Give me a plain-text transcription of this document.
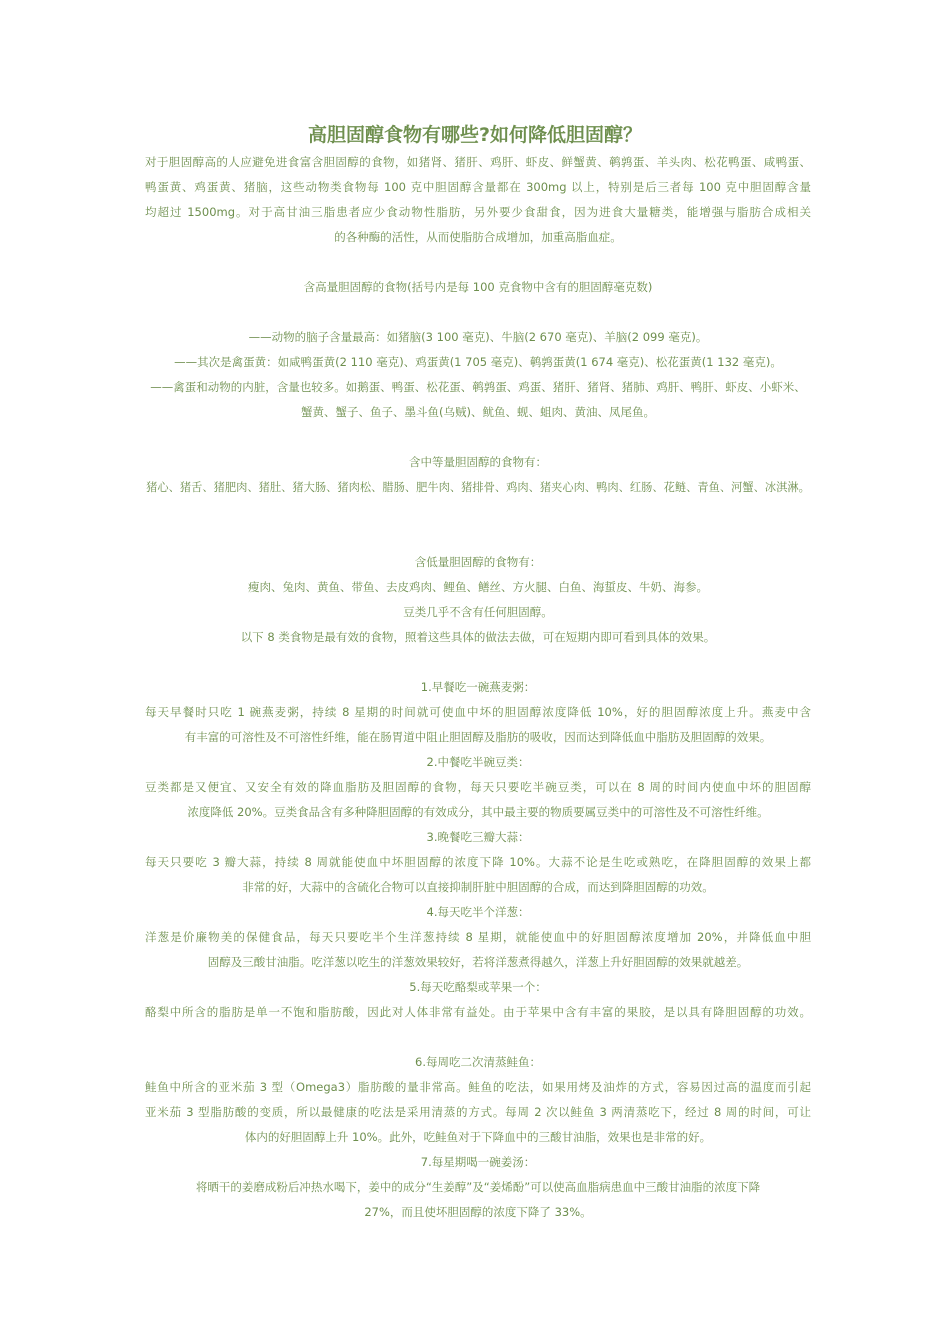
高胆固醇食物有哪些?如何降低胆固醇？
对于胆固醇高的人应避免进食富含胆固醇的食物，如猪肾、猪肝、鸡肝、虾皮、鲜蟹黄、鹌鹑蛋、羊头肉、松花鸭蛋、咸鸭蛋、
鸭蛋黄、鸡蛋黄、猪脑，这些动物类食物每 100 克中胆固醇含量都在 300mg 以上，特别是后三者每 100 克中胆固醇含量
均超过 1500mg。对于高甘油三脂患者应少食动物性脂肪，另外要少食甜食，因为进食大量糖类，能增强与脂肪合成相关
的各种酶的活性，从而使脂肪合成增加，加重高脂血症。
含高量胆固醇的食物(括号内是每 100 克食物中含有的胆固醇毫克数)
——动物的脑子含量最高：如猪脑(3 100 毫克)、牛脑(2 670 毫克)、羊脑(2 099 毫克)。
——其次是禽蛋黄：如咸鸭蛋黄(2 110 毫克)、鸡蛋黄(1 705 毫克)、鹌鹑蛋黄(1 674 毫克)、松花蛋黄(1 132 毫克)。
——禽蛋和动物的内脏，含量也较多。如鹅蛋、鸭蛋、松花蛋、鹌鹑蛋、鸡蛋、猪肝、猪肾、猪肺、鸡肝、鸭肝、虾皮、小虾米、
蟹黄、蟹子、鱼子、墨斗鱼(乌贼)、鱿鱼、蚬、蛆肉、黄油、凤尾鱼。
含中等量胆固醇的食物有：
猪心、猪舌、猪肥肉、猪肚、猪大肠、猪肉松、腊肠、肥牛肉、猪排骨、鸡肉、猪夹心肉、鸭肉、红肠、花鲢、青鱼、河蟹、冰淇淋。
含低量胆固醇的食物有：
瘦肉、兔肉、黄鱼、带鱼、去皮鸡肉、鲤鱼、鳝丝、方火腿、白鱼、海蜇皮、牛奶、海参。
豆类几乎不含有任何胆固醇。
以下 8 类食物是最有效的食物，照着这些具体的做法去做，可在短期内即可看到具体的效果。
1.早餐吃一碗燕麦粥：
每天早餐时只吃 1 碗燕麦粥，持续 8 星期的时间就可使血中坏的胆固醇浓度降低 10%，好的胆固醇浓度上升。燕麦中含
有丰富的可溶性及不可溶性纤维，能在肠胃道中阻止胆固醇及脂肪的吸收，因而达到降低血中脂肪及胆固醇的效果。
2.中餐吃半碗豆类：
豆类都是又便宜、又安全有效的降血脂肪及胆固醇的食物，每天只要吃半碗豆类，可以在 8 周的时间内使血中坏的胆固醇
浓度降低 20%。豆类食品含有多种降胆固醇的有效成分，其中最主要的物质要属豆类中的可溶性及不可溶性纤维。
3.晚餐吃三瓣大蒜：
每天只要吃 3 瓣大蒜，持续 8 周就能使血中坏胆固醇的浓度下降 10%。大蒜不论是生吃或熟吃，在降胆固醇的效果上都
非常的好，大蒜中的含硫化合物可以直接抑制肝脏中胆固醇的合成，而达到降胆固醇的功效。
4.每天吃半个洋葱：
洋葱是价廉物美的保健食品，每天只要吃半个生洋葱持续 8 星期，就能使血中的好胆固醇浓度增加 20%，并降低血中胆
固醇及三酸甘油脂。吃洋葱以吃生的洋葱效果较好，若将洋葱煮得越久，洋葱上升好胆固醇的效果就越差。
5.每天吃酪梨或苹果一个：
酪梨中所含的脂肪是单一不饱和脂肪酸，因此对人体非常有益处。由于苹果中含有丰富的果胶，是以具有降胆固醇的功效。
6.每周吃二次清蒸鲑鱼：
鲑鱼中所含的亚米茄 3 型（Omega3）脂肪酸的量非常高。鲑鱼的吃法，如果用烤及油炸的方式，容易因过高的温度而引起
亚米茄 3 型脂肪酸的变质，所以最健康的吃法是采用清蒸的方式。每周 2 次以鲑鱼 3 两清蒸吃下，经过 8 周的时间，可让
体内的好胆固醇上升 10%。此外，吃鲑鱼对于下降血中的三酸甘油脂，效果也是非常的好。
7.每星期喝一碗姜汤：
将晒干的姜磨成粉后冲热水喝下，姜中的成分“生姜醇”及“姜烯酚”可以使高血脂病患血中三酸甘油脂的浓度下降
27%，而且使坏胆固醇的浓度下降了 33%。
